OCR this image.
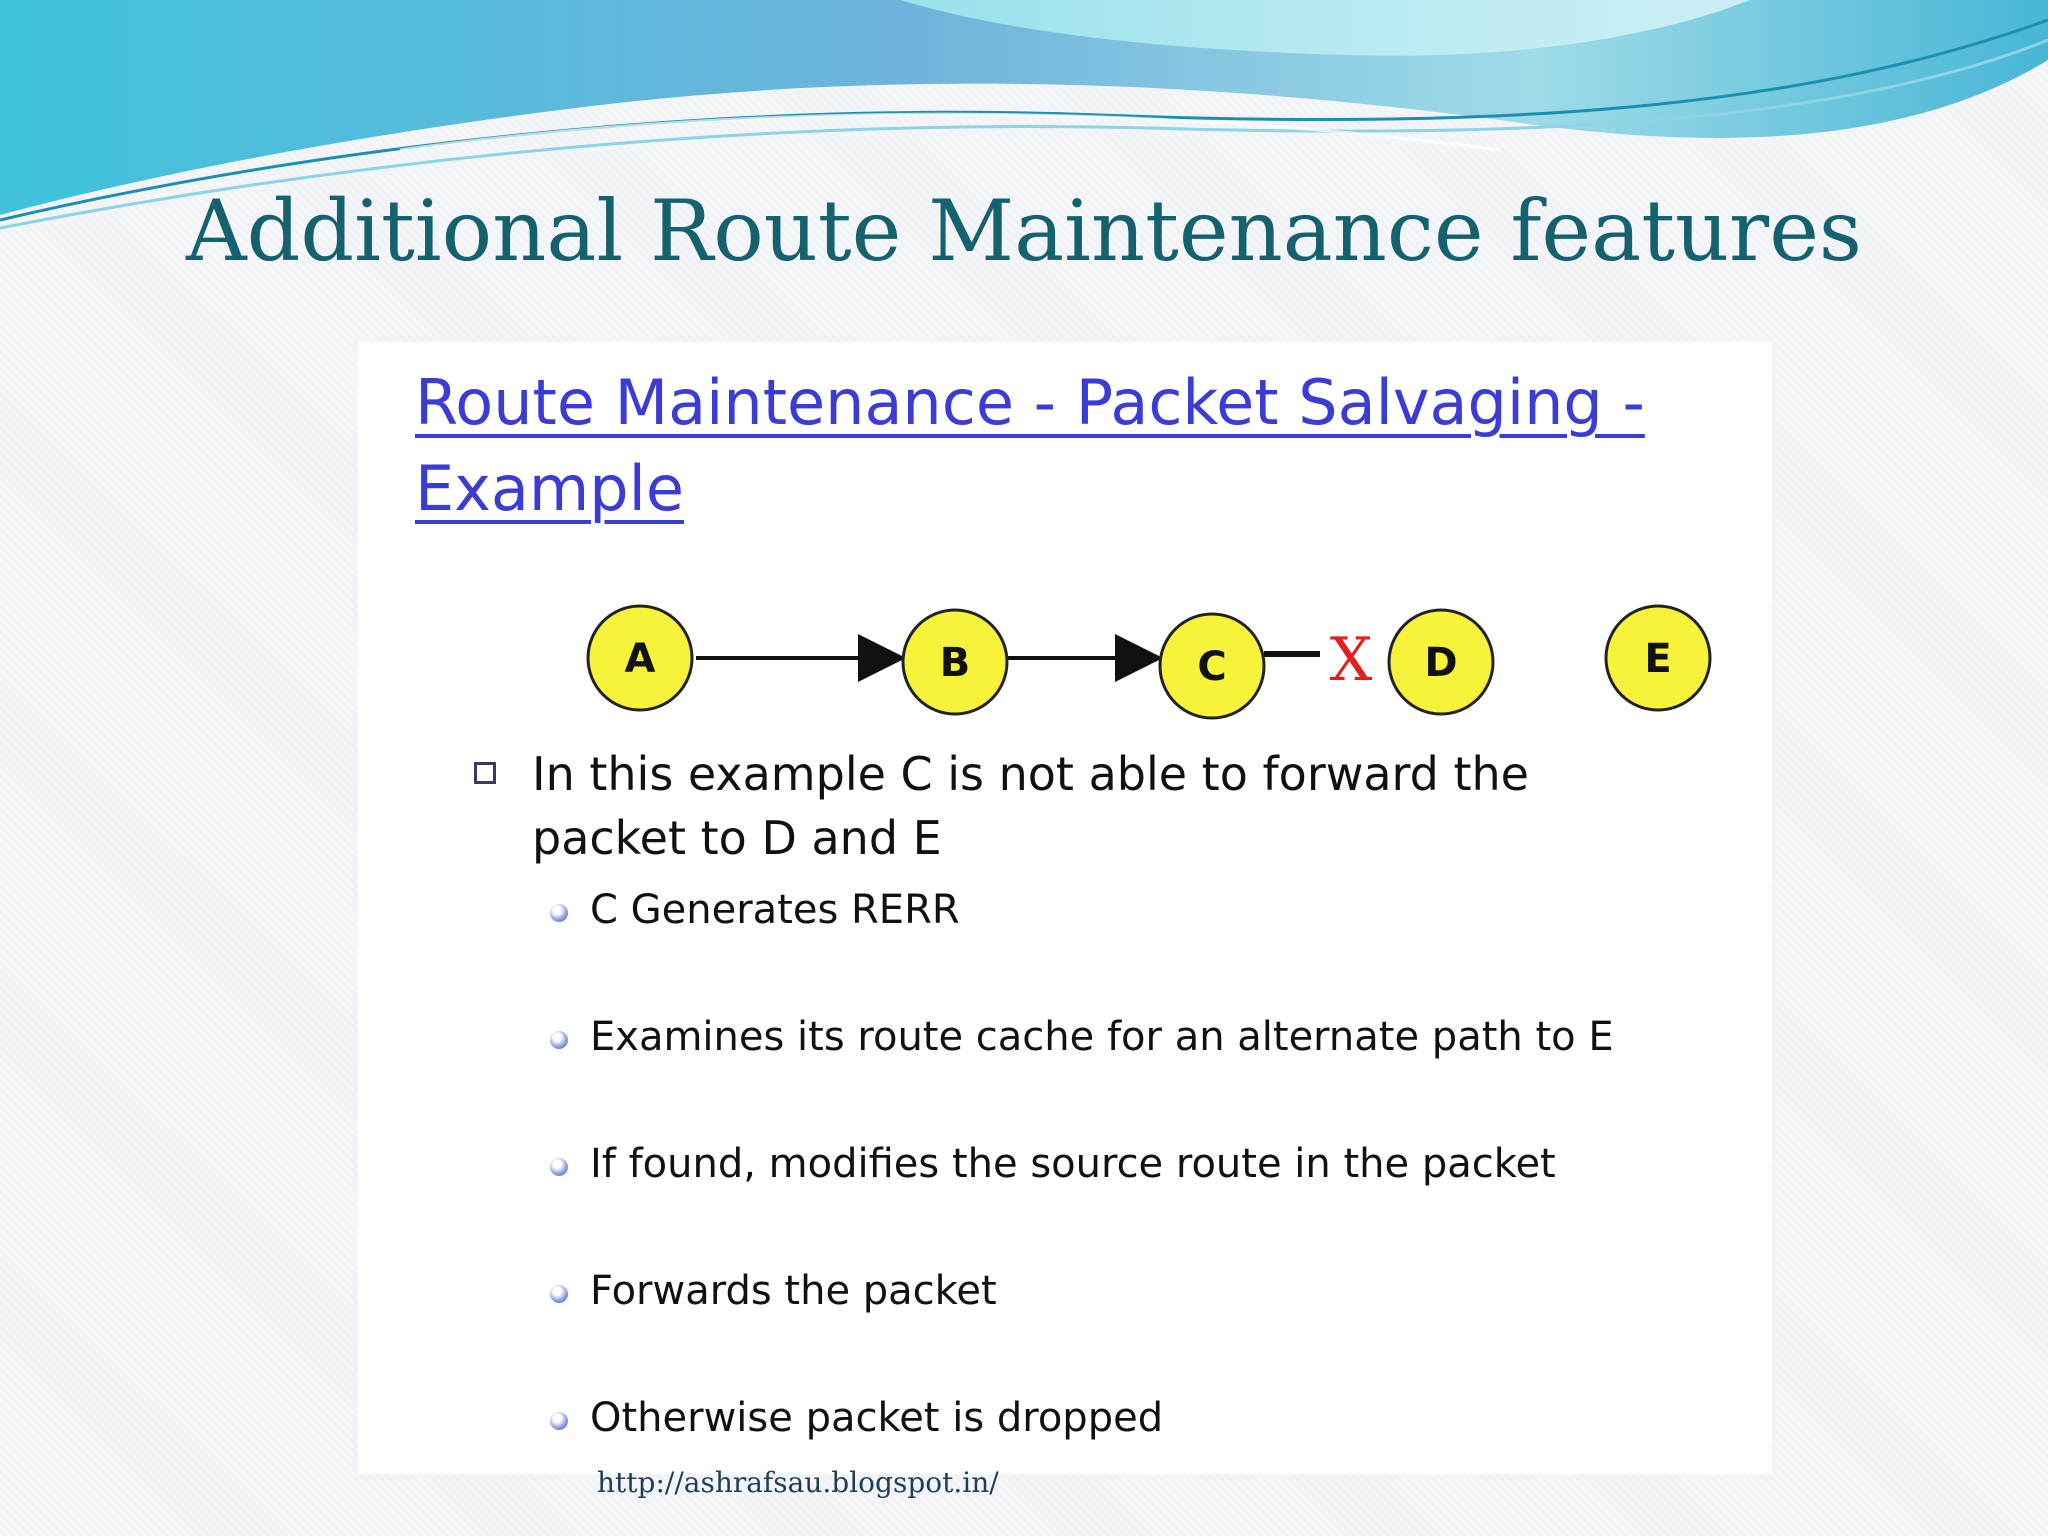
Additional Route Maintenance features
Route Maintenance - Packet Salvaging - Example
X
A	B	C	D	E
In this example C is not able to forward the packet to D and E
C Generates RERR
Examines its route cache for an alternate path to E
If found, modifies the source route in the packet
Forwards the packet
Otherwise packet is dropped
http://ashrafsau.blogspot.in/
